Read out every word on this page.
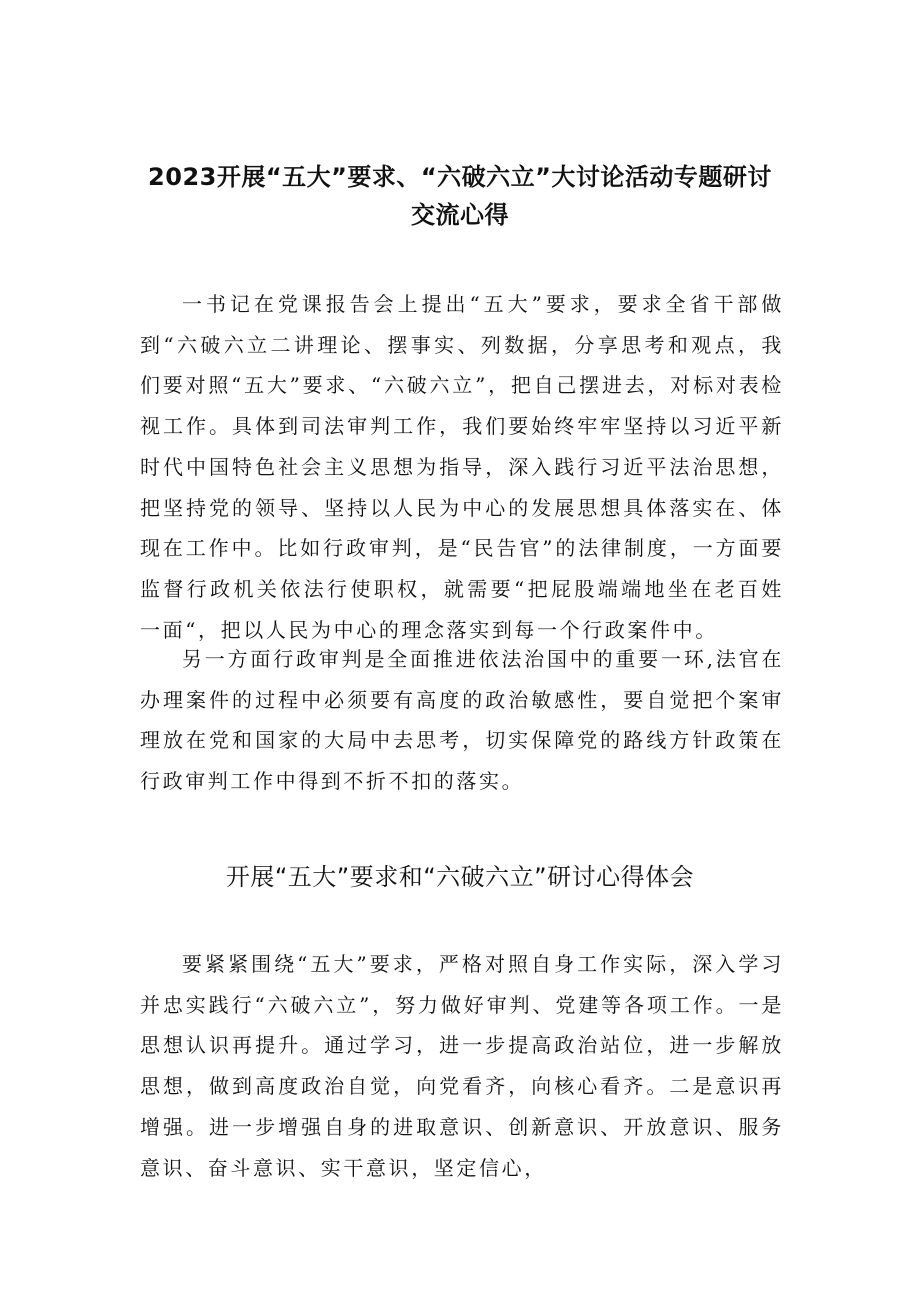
2023开展“五大”要求、“六破六立”大讨论活动专题研讨
交流心得

一书记在党课报告会上提出“五大”要求，要求全省干部做到“六破六立二讲理论、摆事实、列数据，分享思考和观点，我们要对照“五大”要求、“六破六立”，把自己摆进去，对标对表检视工作。具体到司法审判工作，我们要始终牢牢坚持以习近平新时代中国特色社会主义思想为指导，深入践行习近平法治思想，把坚持党的领导、坚持以人民为中心的发展思想具体落实在、体现在工作中。比如行政审判，是“民告官”的法律制度，一方面要监督行政机关依法行使职权，就需要“把屁股端端地坐在老百姓一面“，把以人民为中心的理念落实到每一个行政案件中。

另一方面行政审判是全面推进依法治国中的重要一环,法官在办理案件的过程中必须要有高度的政治敏感性，要自觉把个案审理放在党和国家的大局中去思考，切实保障党的路线方针政策在行政审判工作中得到不折不扣的落实。

开展“五大”要求和“六破六立”研讨心得体会

要紧紧围绕“五大”要求，严格对照自身工作实际，深入学习并忠实践行“六破六立”，努力做好审判、党建等各项工作。一是思想认识再提升。通过学习，进一步提高政治站位，进一步解放思想，做到高度政治自觉，向党看齐，向核心看齐。二是意识再增强。进一步增强自身的进取意识、创新意识、开放意识、服务意识、奋斗意识、实干意识，坚定信心，
